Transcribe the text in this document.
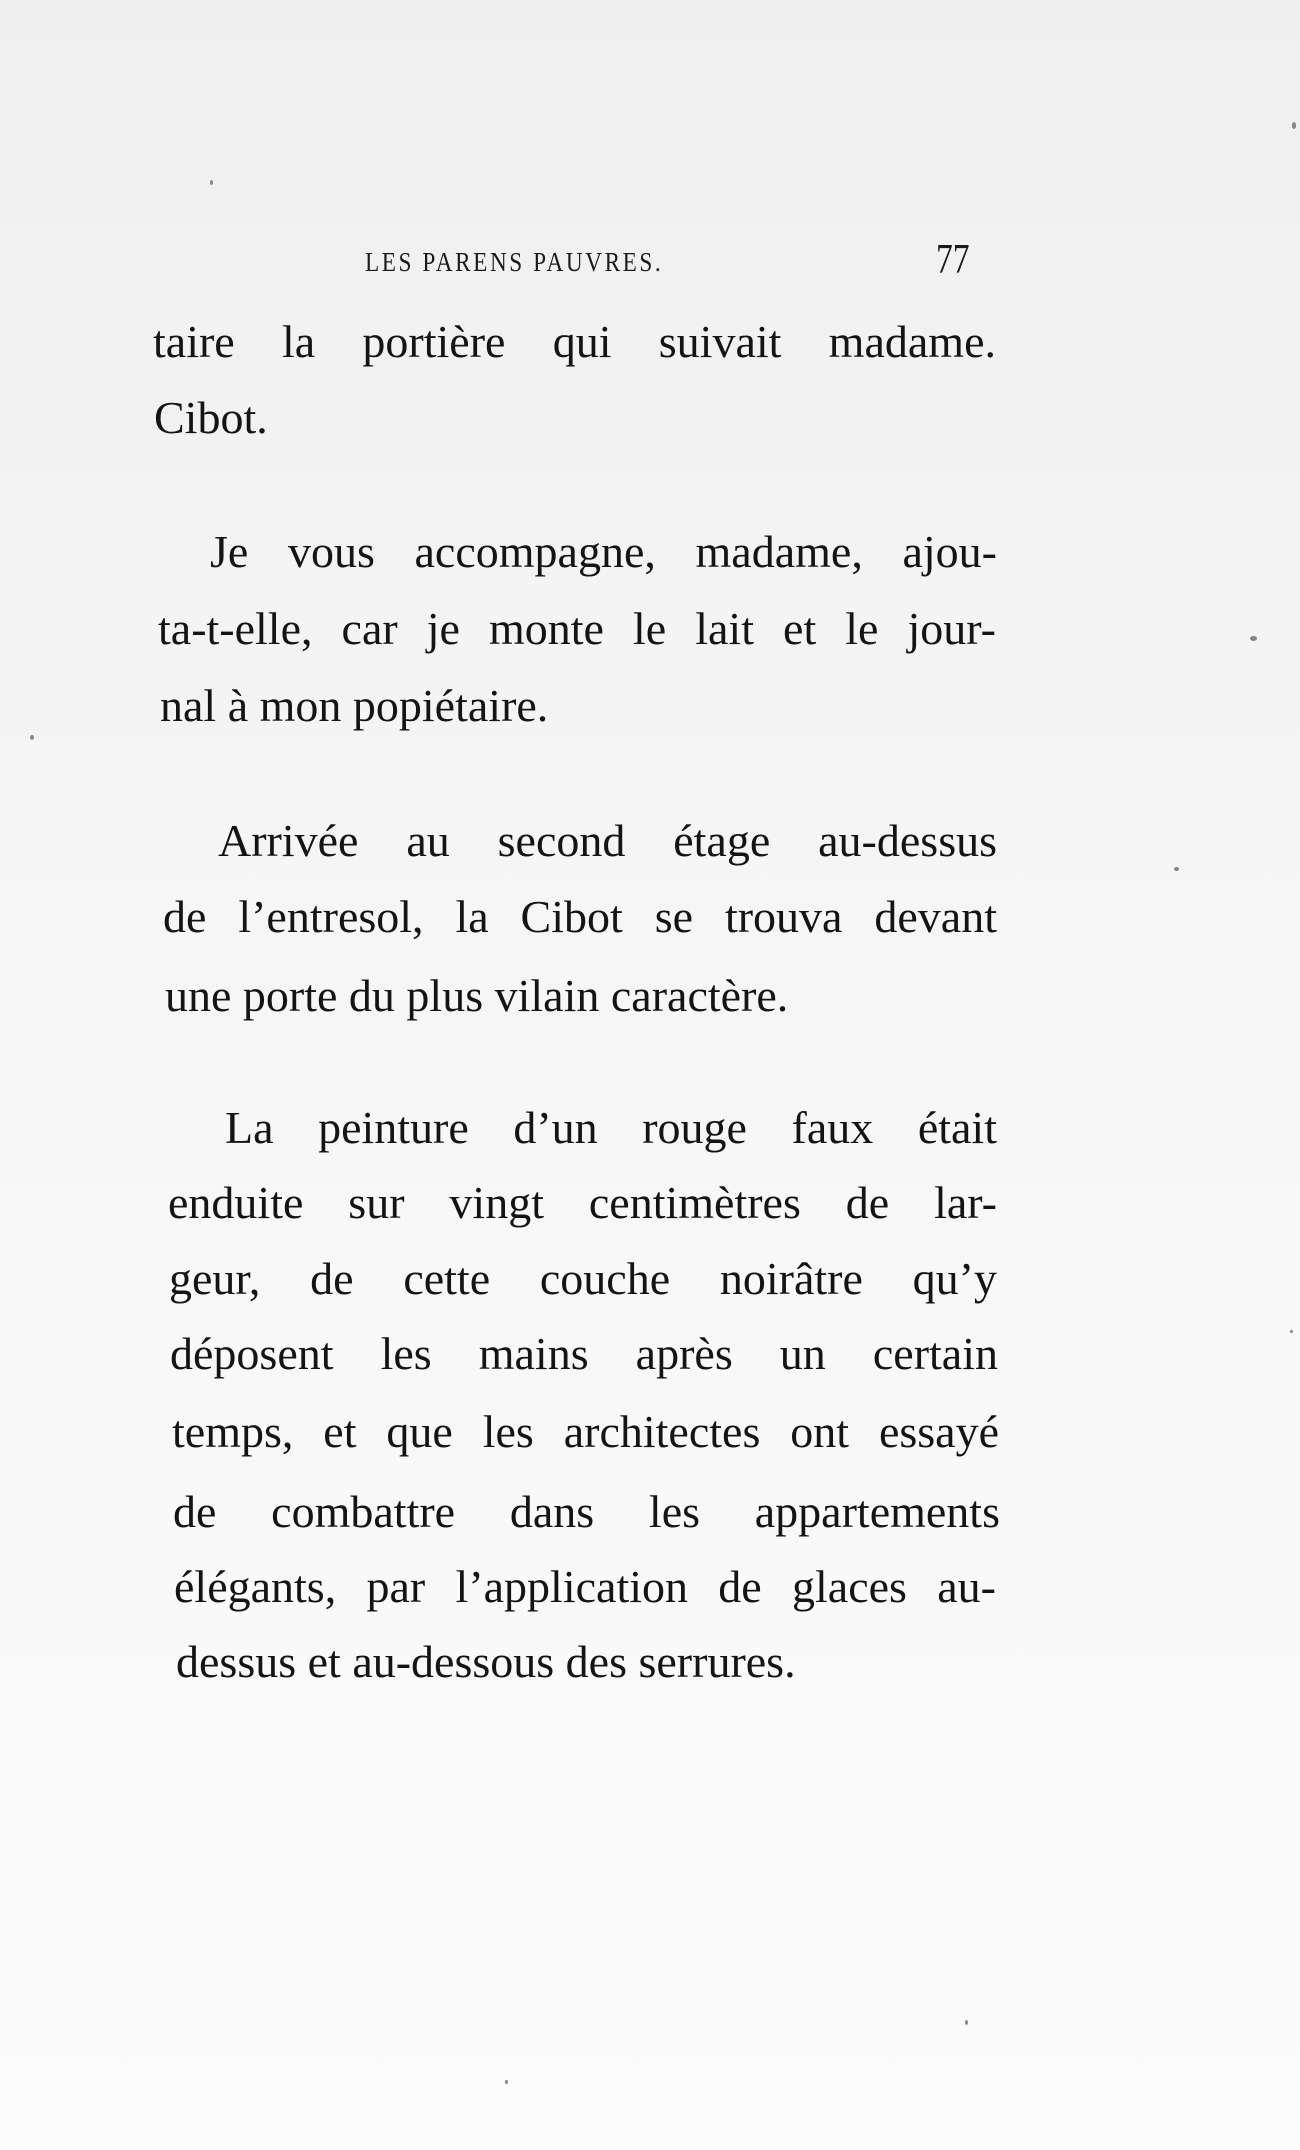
LES PARENS PAUVRES.	77
taire la portière qui suivait madame.
Cibot.
Je vous accompagne, madame, ajou-
ta-t-elle, car je monte le lait et le jour-
nal à mon popiétaire.
Arrivée au second étage au-dessus
de l’entresol, la Cibot se trouva devant
une porte du plus vilain caractère.
La peinture d’un rouge faux était
enduite sur vingt centimètres de lar-
geur, de cette couche noirâtre qu’y
déposent les mains après un certain
temps, et que les architectes ont essayé
de combattre dans les appartements
élégants, par l’application de glaces au-
dessus et au-dessous des serrures.
